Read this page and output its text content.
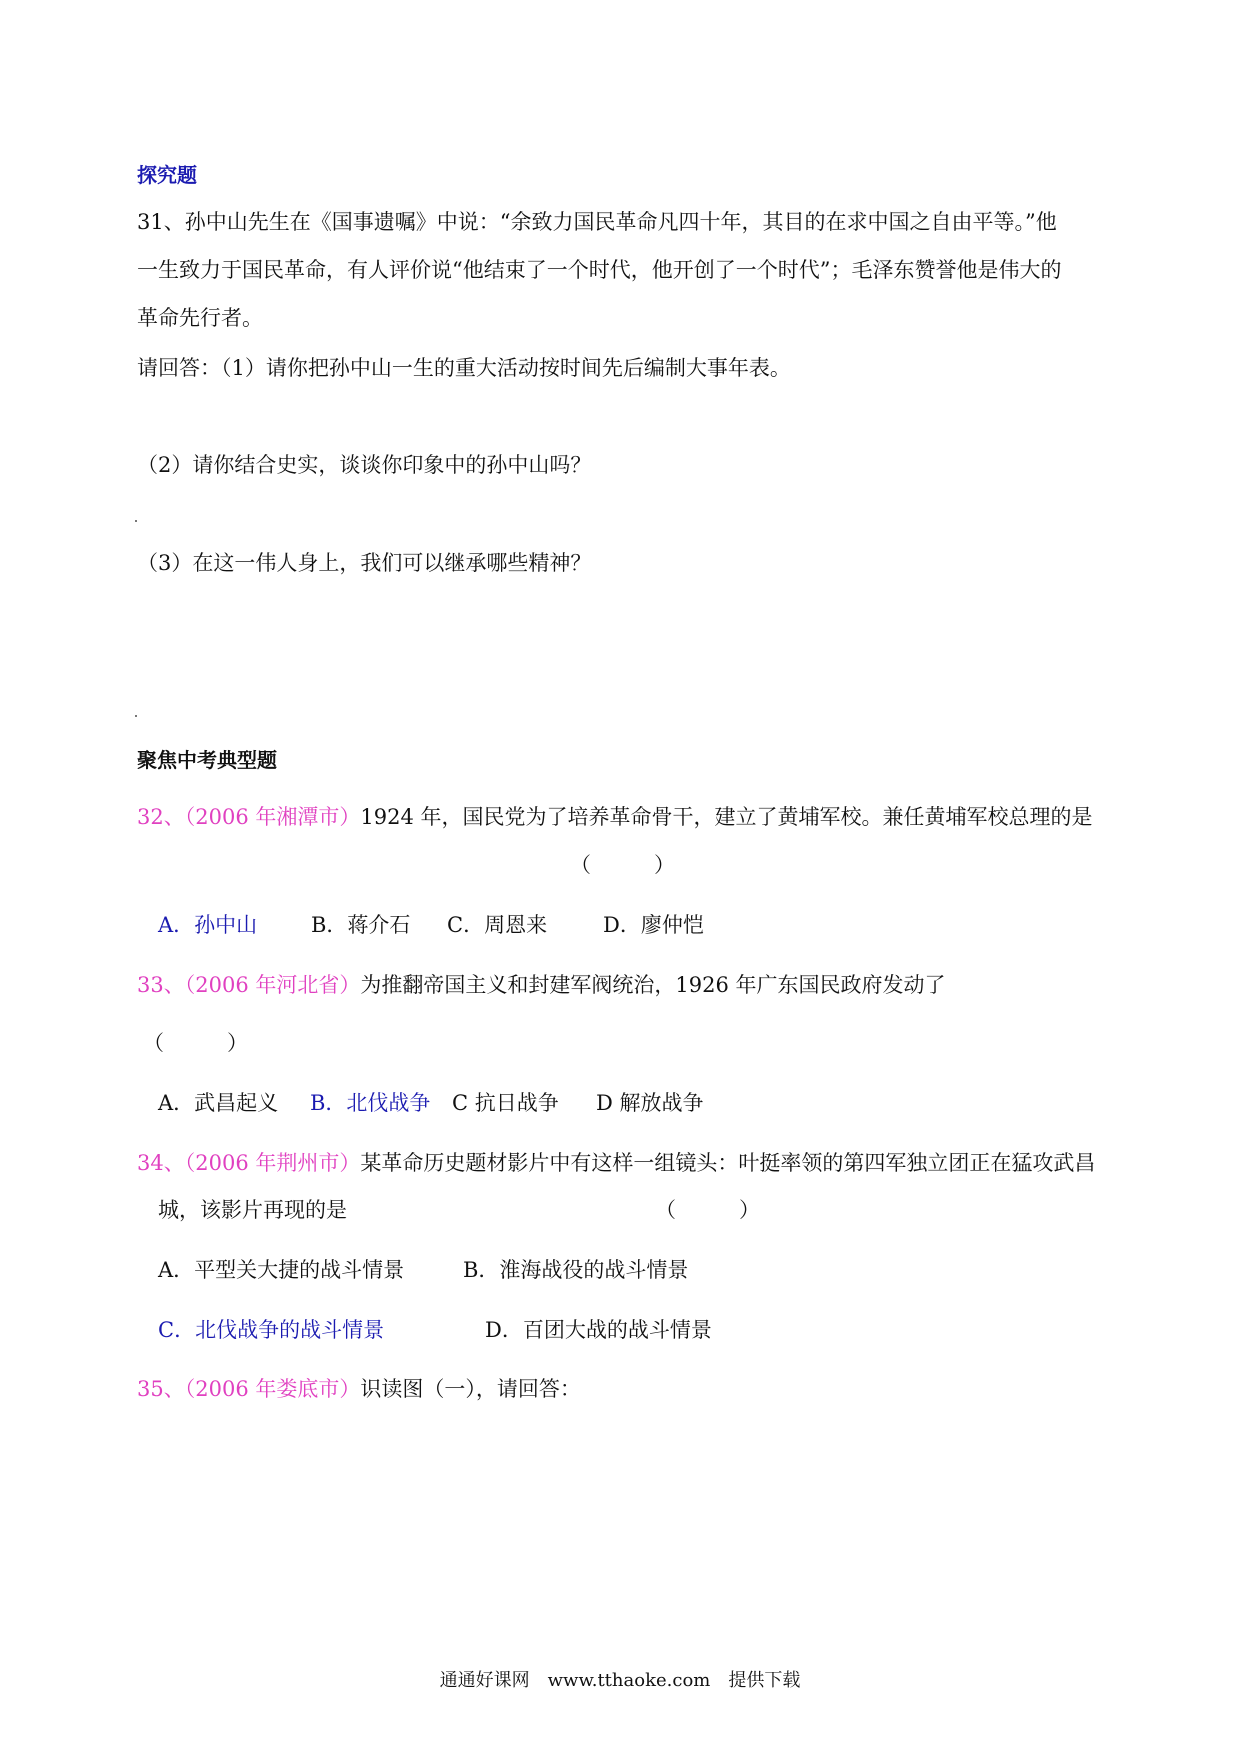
探究题
31、孙中山先生在《国事遗嘱》中说：“余致力国民革命凡四十年，其目的在求中国之自由平等。”他
一生致力于国民革命，有人评价说“他结束了一个时代，他开创了一个时代”；毛泽东赞誉他是伟大的
革命先行者。
请回答：（1）请你把孙中山一生的重大活动按时间先后编制大事年表。
（2）请你结合史实，谈谈你印象中的孙中山吗？
（3）在这一伟人身上，我们可以继承哪些精神？
聚焦中考典型题
32、（2006 年湘潭市）1924 年，国民党为了培养革命骨干，建立了黄埔军校。兼任黄埔军校总理的是
（　　　）
A．孙中山	B．蒋介石 C．周恩来	D．廖仲恺
33、（2006 年河北省）为推翻帝国主义和封建军阀统治，1926 年广东国民政府发动了
（　　　）
A．武昌起义 B．北伐战争 C 抗日战争 D 解放战争
34、（2006 年荆州市）某革命历史题材影片中有这样一组镜头：叶挺率领的第四军独立团正在猛攻武昌
城，该影片再现的是	（　　　）
A．平型关大捷的战斗情景	B．淮海战役的战斗情景
C．北伐战争的战斗情景	D．百团大战的战斗情景
35、（2006 年娄底市）识读图（一），请回答：
通通好课网　www.tthaoke.com　提供下载
